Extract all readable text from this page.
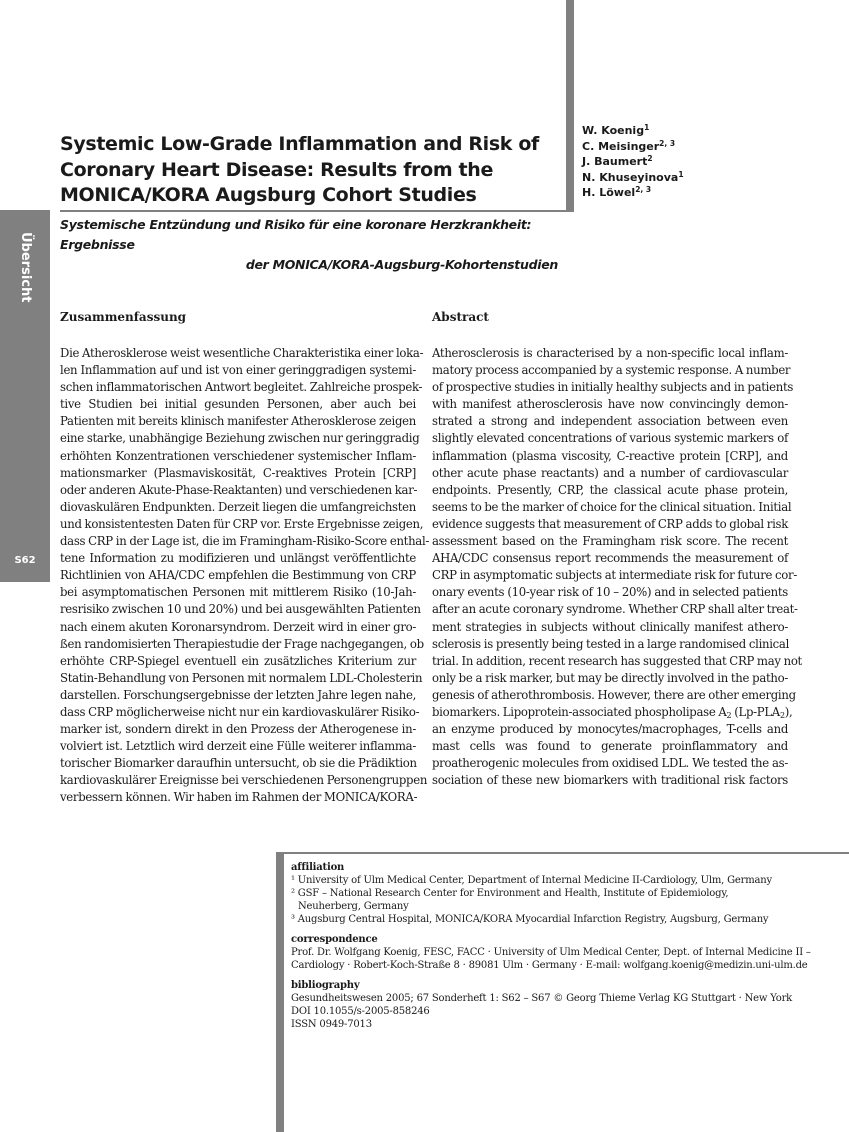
Übersicht
S62
Systemic Low-Grade Inflammation and Risk of
Coronary Heart Disease: Results from the
MONICA/KORA Augsburg Cohort Studies
W. Koenig$^1$
C. Meisinger$^{2, 3}$
J. Baumert$^2$
N. Khuseyinova$^1$
H. Löwel$^{2, 3}$
Systemische Entzündung und Risiko für eine koronare Herzkrankheit: Ergebnisse
der MONICA/KORA-Augsburg-Kohortenstudien
Zusammenfassung	Abstract
Die Atherosklerose weist wesentliche Charakteristika einer loka-
len Inflammation auf und ist von einer geringgradigen systemi-
schen inflammatorischen Antwort begleitet. Zahlreiche prospek-
tive Studien bei initial gesunden Personen, aber auch bei
Patienten mit bereits klinisch manifester Atherosklerose zeigen
eine starke, unabhängige Beziehung zwischen nur geringgradig
erhöhten Konzentrationen verschiedener systemischer Inflam-
mationsmarker (Plasmaviskosität, C-reaktives Protein [CRP]
oder anderen Akute-Phase-Reaktanten) und verschiedenen kar-
diovaskulären Endpunkten. Derzeit liegen die umfangreichsten
und konsistentesten Daten für CRP vor. Erste Ergebnisse zeigen,
dass CRP in der Lage ist, die im Framingham-Risiko-Score enthal-
tene Information zu modifizieren und unlängst veröffentlichte
Richtlinien von AHA/CDC empfehlen die Bestimmung von CRP
bei asymptomatischen Personen mit mittlerem Risiko (10-Jah-
resrisiko zwischen 10 und 20%) und bei ausgewählten Patienten
nach einem akuten Koronarsyndrom. Derzeit wird in einer gro-
ßen randomisierten Therapiestudie der Frage nachgegangen, ob
erhöhte CRP-Spiegel eventuell ein zusätzliches Kriterium zur
Statin-Behandlung von Personen mit normalem LDL-Cholesterin
darstellen. Forschungsergebnisse der letzten Jahre legen nahe,
dass CRP möglicherweise nicht nur ein kardiovaskulärer Risiko-
marker ist, sondern direkt in den Prozess der Atherogenese in-
volviert ist. Letztlich wird derzeit eine Fülle weiterer inflamma-
torischer Biomarker daraufhin untersucht, ob sie die Prädiktion
kardiovaskulärer Ereignisse bei verschiedenen Personengruppen
verbessern können. Wir haben im Rahmen der MONICA/KORA-
Atherosclerosis is characterised by a non-specific local inflam-
matory process accompanied by a systemic response. A number
of prospective studies in initially healthy subjects and in patients
with manifest atherosclerosis have now convincingly demon-
strated a strong and independent association between even
slightly elevated concentrations of various systemic markers of
inflammation (plasma viscosity, C-reactive protein [CRP], and
other acute phase reactants) and a number of cardiovascular
endpoints. Presently, CRP, the classical acute phase protein,
seems to be the marker of choice for the clinical situation. Initial
evidence suggests that measurement of CRP adds to global risk
assessment based on the Framingham risk score. The recent
AHA/CDC consensus report recommends the measurement of
CRP in asymptomatic subjects at intermediate risk for future cor-
onary events (10-year risk of 10 – 20%) and in selected patients
after an acute coronary syndrome. Whether CRP shall alter treat-
ment strategies in subjects without clinically manifest athero-
sclerosis is presently being tested in a large randomised clinical
trial. In addition, recent research has suggested that CRP may not
only be a risk marker, but may be directly involved in the patho-
genesis of atherothrombosis. However, there are other emerging
biomarkers. Lipoprotein-associated phospholipase $A_2$ $(Lp-PLA_2)$,
an enzyme produced by monocytes/macrophages, T-cells and
mast cells was found to generate proinflammatory and
proatherogenic molecules from oxidised LDL. We tested the as-
sociation of these new biomarkers with traditional risk factors
affiliation
¹ University of Ulm Medical Center, Department of Internal Medicine II-Cardiology, Ulm, Germany
² GSF – National Research Center for Environment and Health, Institute of Epidemiology,
Neuherberg, Germany
³ Augsburg Central Hospital, MONICA/KORA Myocardial Infarction Registry, Augsburg, Germany
correspondence
Prof. Dr. Wolfgang Koenig, FESC, FACC · University of Ulm Medical Center, Dept. of Internal Medicine II –
Cardiology · Robert-Koch-Straße 8 · 89081 Ulm · Germany · E-mail: wolfgang.koenig@medizin.uni-ulm.de
bibliography
Gesundheitswesen 2005; 67 Sonderheft 1: S62 – S67 © Georg Thieme Verlag KG Stuttgart · New York
DOI 10.1055/s-2005-858246
ISSN 0949-7013
